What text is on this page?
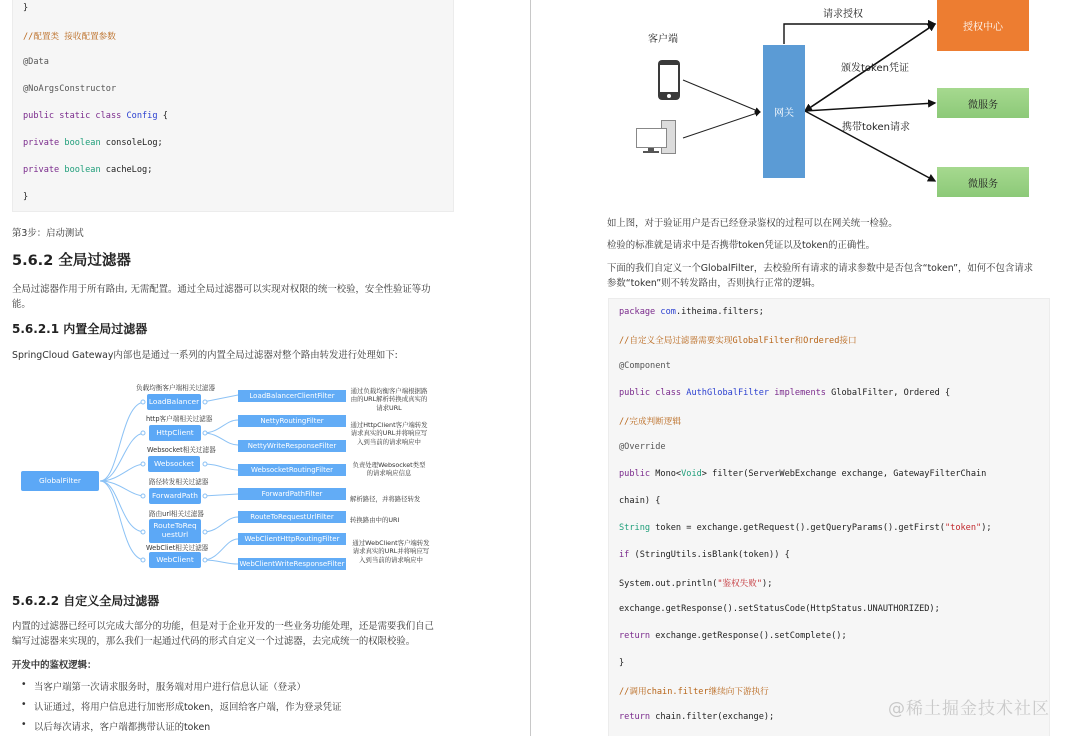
}
//配置类 接收配置参数
@Data
@NoArgsConstructor
public static class Config {
private boolean consoleLog;
private boolean cacheLog;
}
第3步：启动测试
5.6.2 全局过滤器
全局过滤器作用于所有路由, 无需配置。通过全局过滤器可以实现对权限的统一校验，安全性验证等功
能。
5.6.2.1 内置全局过滤器
SpringCloud Gateway内部也是通过一系列的内置全局过滤器对整个路由转发进行处理如下:
GlobalFilter
负载均衡客户端相关过滤器
LoadBalancer
http客户端相关过滤器
HttpClient
Websocket相关过滤器
Websocket
路径转发相关过滤器
ForwardPath
路由url相关过滤器
RouteToRequestUrl
WebCliet相关过滤器
WebClient
LoadBalancerClientFilter
NettyRoutingFilter
NettyWriteResponseFilter
WebsocketRoutingFilter
ForwardPathFilter
RouteToRequestUrlFilter
WebClientHttpRoutingFilter
WebClientWriteResponseFilter
通过负载均衡客户端根据路由的URL解析转换成真实的请求URL
通过HttpClient客户端转发请求真实的URL并将响应写入到当前的请求响应中
负责处理Websocket类型的请求响应信息
解析路径，并将路径转发
转换路由中的URI
通过WebClient客户端转发请求真实的URL并将响应写入到当前的请求响应中
5.6.2.2 自定义全局过滤器
内置的过滤器已经可以完成大部分的功能，但是对于企业开发的一些业务功能处理，还是需要我们自己
编写过滤器来实现的，那么我们一起通过代码的形式自定义一个过滤器，去完成统一的权限校验。
开发中的鉴权逻辑：
• 当客户端第一次请求服务时，服务端对用户进行信息认证（登录）
• 认证通过，将用户信息进行加密形成token，返回给客户端，作为登录凭证
• 以后每次请求，客户端都携带认证的token
客户端
网关
授权中心
微服务
微服务
请求授权
颁发token凭证
携带token请求
如上图，对于验证用户是否已经登录鉴权的过程可以在网关统一检验。
检验的标准就是请求中是否携带token凭证以及token的正确性。
下面的我们自定义一个GlobalFilter，去校验所有请求的请求参数中是否包含“token”，如何不包含请求
参数“token”则不转发路由，否则执行正常的逻辑。
package com.itheima.filters;
//自定义全局过滤器需要实现GlobalFilter和Ordered接口
@Component
public class AuthGlobalFilter implements GlobalFilter, Ordered {
//完成判断逻辑
@Override
public Mono<Void> filter(ServerWebExchange exchange, GatewayFilterChain
chain) {
String token = exchange.getRequest().getQueryParams().getFirst("token");
if (StringUtils.isBlank(token)) {
System.out.println("鉴权失败");
exchange.getResponse().setStatusCode(HttpStatus.UNAUTHORIZED);
return exchange.getResponse().setComplete();
}
//调用chain.filter继续向下游执行
return chain.filter(exchange);	@稀土掘金技术社区
